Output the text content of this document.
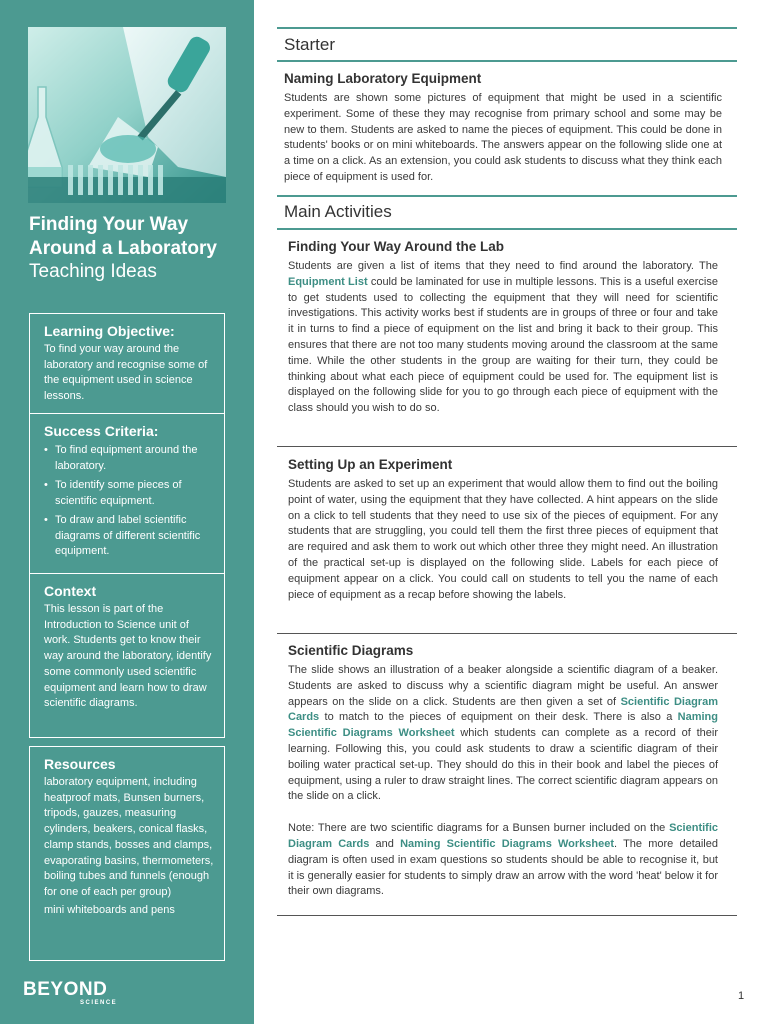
Finding Your Way Around a Laboratory
Teaching Ideas
Learning Objective:

To find your way around the laboratory and recognise some of the equipment used in science lessons.

Success Criteria:
• To find equipment around the laboratory.
• To identify some pieces of scientific equipment.
• To draw and label scientific diagrams of different scientific equipment.
Context

This lesson is part of the Introduction to Science unit of work. Students get to know their way around the laboratory, identify some commonly used scientific equipment and learn how to draw scientific diagrams.

Resources

laboratory equipment, including heatproof mats, Bunsen burners, tripods, gauzes, measuring cylinders, beakers, conical flasks, clamp stands, bosses and clamps, evaporating basins, thermometers, boiling tubes and funnels (enough for one of each per group)

mini whiteboards and pens

BEYOND
SCIENCE
Starter
Naming Laboratory Equipment

Students are shown some pictures of equipment that might be used in a scientific experiment. Some of these they may recognise from primary school and some may be new to them. Students are asked to name the pieces of equipment. This could be done in students' books or on mini whiteboards. The answers appear on the following slide one at a time on a click. As an extension, you could ask students to discuss what they think each piece of equipment is used for.

Main Activities
Finding Your Way Around the Lab

Students are given a list of items that they need to find around the laboratory. The Equipment List could be laminated for use in multiple lessons. This is a useful exercise to get students used to collecting the equipment that they will need for scientific investigations. This activity works best if students are in groups of three or four and take it in turns to find a piece of equipment on the list and bring it back to their group. This ensures that there are not too many students moving around the classroom at the same time. While the other students in the group are waiting for their turn, they could be thinking about what each piece of equipment could be used for. The equipment list is displayed on the following slide for you to go through each piece of equipment with the class should you wish to do so.

Setting Up an Experiment

Students are asked to set up an experiment that would allow them to find out the boiling point of water, using the equipment that they have collected. A hint appears on the slide on a click to tell students that they need to use six of the pieces of equipment. For any students that are struggling, you could tell them the first three pieces of equipment that are required and ask them to work out which other three they might need. An illustration of the practical set-up is displayed on the following slide. Labels for each piece of equipment appear on a click. You could call on students to tell you the name of each piece of equipment as a recap before showing the labels.

Scientific Diagrams

The slide shows an illustration of a beaker alongside a scientific diagram of a beaker. Students are asked to discuss why a scientific diagram might be useful. An answer appears on the slide on a click. Students are then given a set of Scientific Diagram Cards to match to the pieces of equipment on their desk. There is also a Naming Scientific Diagrams Worksheet which students can complete as a record of their learning. Following this, you could ask students to draw a scientific diagram of their boiling water practical set-up. They should do this in their book and label the pieces of equipment, using a ruler to draw straight lines. The correct scientific diagram appears on the slide on a click.

Note: There are two scientific diagrams for a Bunsen burner included on the Scientific Diagram Cards and Naming Scientific Diagrams Worksheet. The more detailed diagram is often used in exam questions so students should be able to recognise it, but it is generally easier for students to simply draw an arrow with the word 'heat' below it for their own diagrams.

1
